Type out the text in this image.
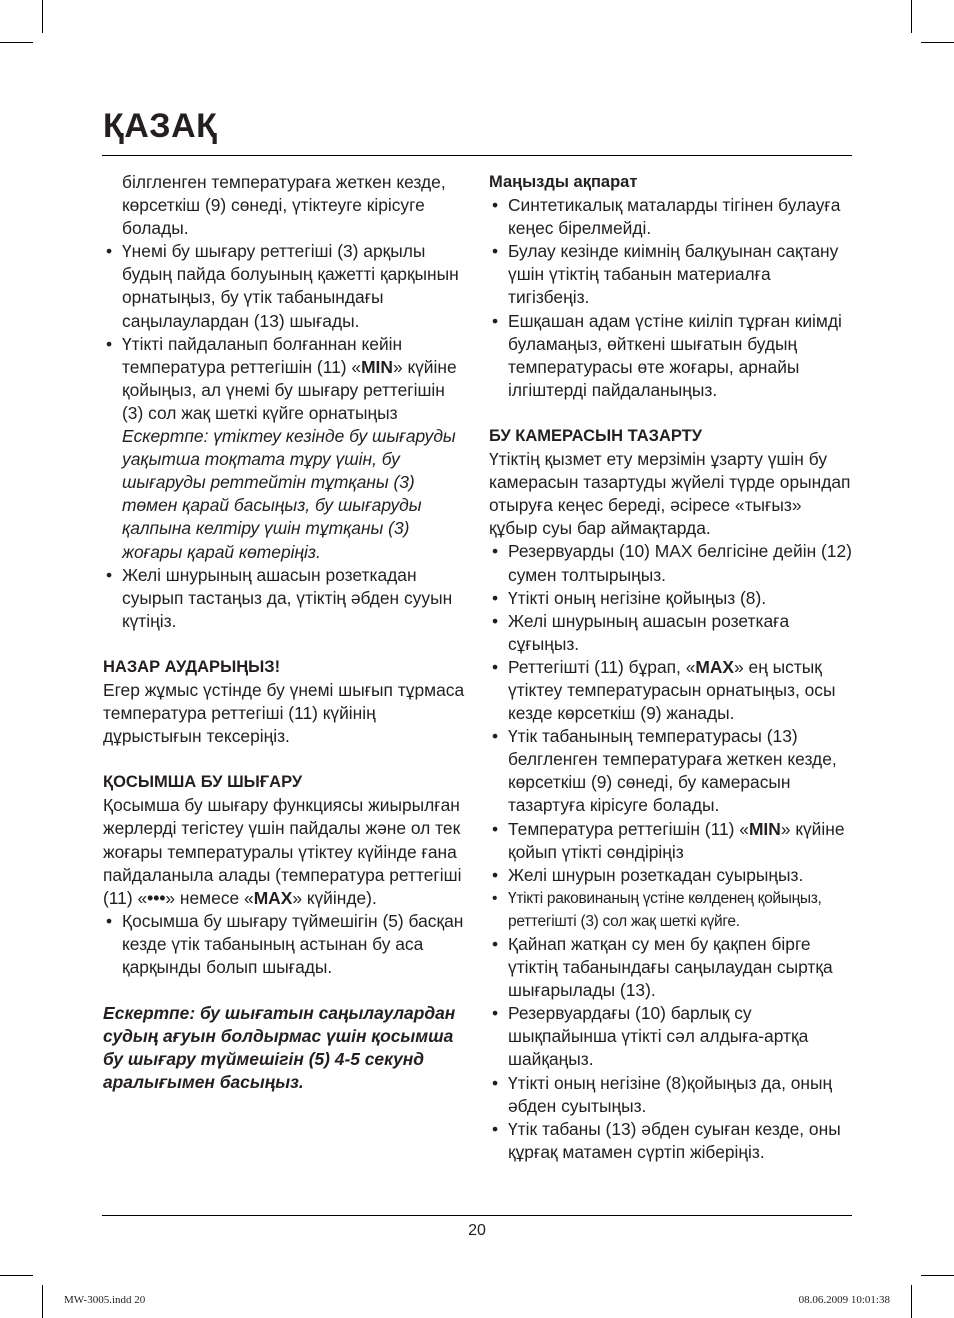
ҚАЗАҚ

білгленген температураға жеткен кезде, көрсеткіш (9) сөнеді, үтіктеуге кірісуге болады.

• Үнемі бу шығару реттегіші (3) арқылы будың пайда болуының қажетті қарқынын орнатыңыз, бу үтік табанындағы саңылаулардан (13) шығады.

• Үтікті пайдаланып болғаннан кейін температура реттегішін (11) «MIN» күйіне қойыңыз, ал үнемі бу шығару реттегішін (3) сол жақ шеткі күйге орнатыңыз

Ескертпе: үтіктеу кезінде бу шығаруды уақытша тоқтата тұру үшін, бу шығаруды реттейтін тұтқаны (3) төмен қарай басыңыз, бу шығаруды қалпына келтіру үшін тұтқаны (3) жоғары қарай көтеріңіз.

• Желі шнурының ашасын розеткадан суырып тастаңыз да, үтіктің әбден сууын күтіңіз.

НАЗАР АУДАРЫҢЫЗ!

Егер жұмыс үстінде бу үнемі шығып тұрмаса температура реттегіші (11) күйінің дұрыстығын тексеріңіз.

ҚОСЫМША БУ ШЫҒАРУ

Қосымша бу шығару функциясы жиырылған жерлерді тегістеу үшін пайдалы және ол тек жоғары температуралы үтіктеу күйінде ғана пайдаланыла алады (температура реттегіші (11) «•••» немесе «MAX» күйінде).

• Қосымша бу шығару түймешігін (5) басқан кезде үтік табанының астынан бу аса қарқынды болып шығады.

Ескертпе: бу шығатын саңылаулардан судың ағуын болдырмас үшін қосымша бу шығару түймешігін (5) 4-5 секунд аралығымен басыңыз.

Маңызды ақпарат

• Синтетикалық маталарды тігінен булауға кеңес бірелмейді.

• Булау кезінде киімнің балқуынан сақтану үшін үтіктің табанын материалға тигізбеңіз.

• Ешқашан адам үстіне киіліп тұрған киімді буламаңыз, өйткені шығатын будың температурасы өте жоғары, арнайы ілгіштерді пайдаланыңыз.

БУ КАМЕРАСЫН ТАЗАРТУ

Үтіктің қызмет ету мерзімін ұзарту үшін бу камерасын тазартуды жүйелі түрде орындап отыруға кеңес береді, әсіресе «тығыз» құбыр суы бар аймақтарда.

• Резервуарды (10) MAX белгісіне дейін (12) сумен толтырыңыз.

• Үтікті оның негізіне қойыңыз (8).

• Желі шнурының ашасын розеткаға сұғыңыз.

• Реттегішті (11) бұрап, «MAX» ең ыстық үтіктеу температурасын орнатыңыз, осы кезде көрсеткіш (9) жанады.

• Үтік табанының температурасы (13) белгленген температураға жеткен кезде, көрсеткіш (9) сөнеді, бу камерасын тазартуға кірісуге болады.

• Температура реттегішін (11) «MIN» күйіне қойып үтікті сөндіріңіз

• Желі шнурын розеткадан суырыңыз.

• Үтікті раковинаның үстіне көлденең қойыңыз, реттегішті (3) сол жақ шеткі күйге.

• Қайнап жатқан су мен бу қақпен бірге үтіктің табанындағы саңылаудан сыртқа шығарылады (13).

• Резервуардағы (10) барлық су шықпайынша үтікті сәл алдыға-артқа шайқаңыз.

• Үтікті оның негізіне (8)қойыңыз да, оның әбден суытыңыз.

• Үтік табаны (13) әбден суыған кезде, оны құрғақ матамен сүртіп жіберіңіз.

20
MW-3005.indd 20	08.06.2009 10:01:38
